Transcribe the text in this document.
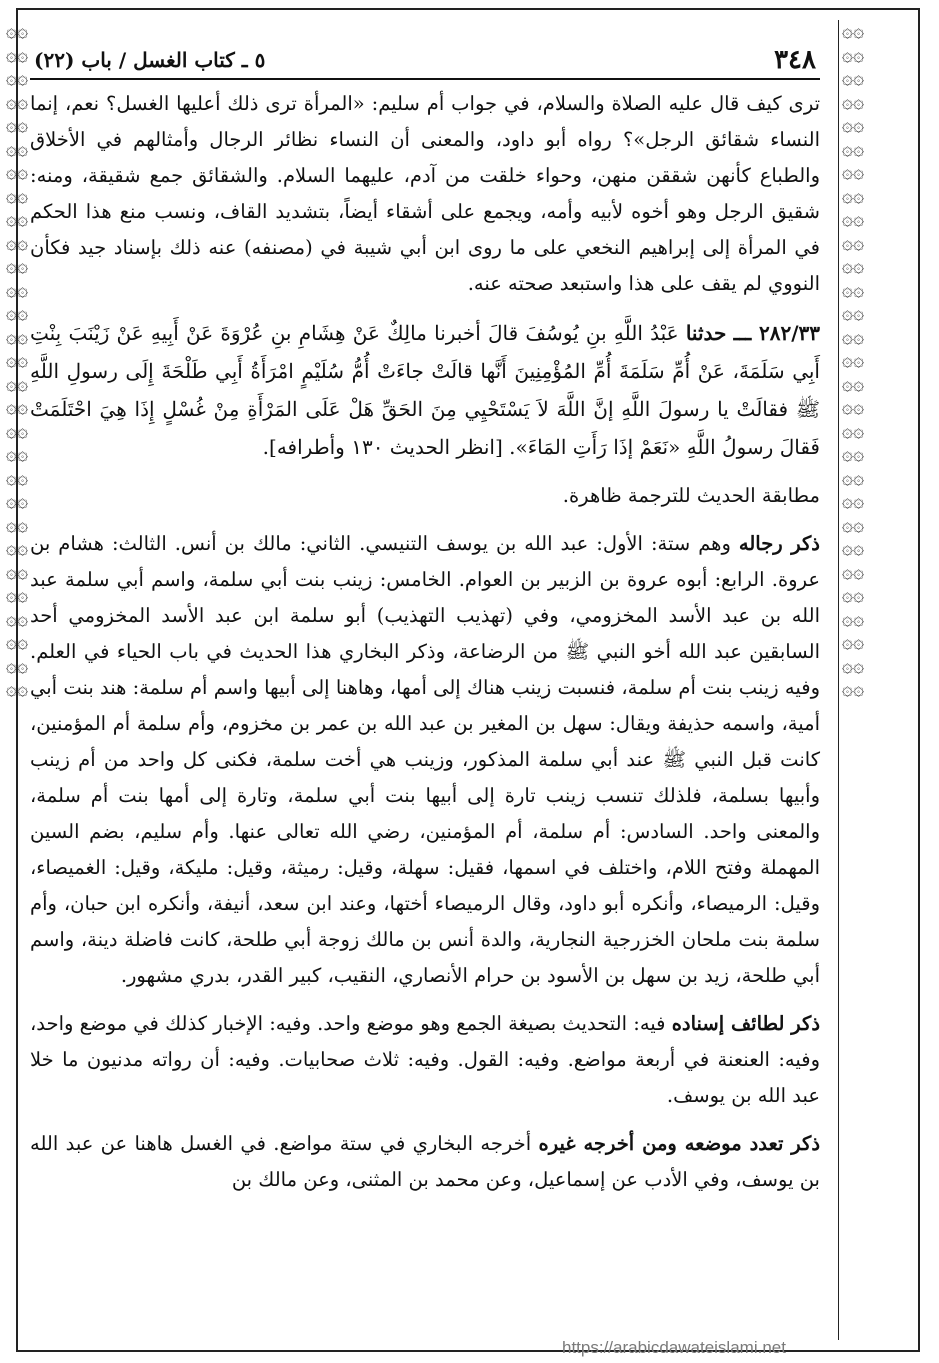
۞۞۞۞۞۞۞۞۞۞۞۞۞۞۞۞۞۞۞۞۞۞۞۞۞۞۞۞۞۞۞۞۞۞۞۞۞۞۞۞۞۞۞۞۞۞۞۞۞۞۞۞۞۞۞۞۞۞
۞۞۞۞۞۞۞۞۞۞۞۞۞۞۞۞۞۞۞۞۞۞۞۞۞۞۞۞۞۞۞۞۞۞۞۞۞۞۞۞۞۞۞۞۞۞۞۞۞۞۞۞۞۞۞۞۞۞
٣٤٨
٥ ـ كتاب الغسل / باب (٢٢)

ترى كيف قال عليه الصلاة والسلام، في جواب أم سليم: «المرأة ترى ذلك أعليها الغسل؟ نعم، إنما النساء شقائق الرجل»؟ رواه أبو داود، والمعنى أن النساء نظائر الرجال وأمثالهم في الأخلاق والطباع كأنهن شققن منهن، وحواء خلقت من آدم، عليهما السلام. والشقائق جمع شقيقة، ومنه: شقيق الرجل وهو أخوه لأبيه وأمه، ويجمع على أشقاء أيضاً، بتشديد القاف، ونسب منع هذا الحكم في المرأة إلى إبراهيم النخعي على ما روى ابن أبي شيبة في (مصنفه) عنه ذلك بإسناد جيد فكأن النووي لم يقف على هذا واستبعد صحته عنه.

٢٨٢/٣٣ ـــ حدثنا عَبْدُ اللَّهِ بنِ يُوسُفَ قالَ أخبرنا مالِكٌ عَنْ هِشَامِ بنِ عُرْوَةَ عَنْ أَبِيهِ عَنْ زَيْنَبَ بِنْتِ أَبِي سَلَمَةَ، عَنْ أُمِّ سَلَمَةَ أُمِّ المُؤْمِنِينَ أَنَّها قالَتْ جاءَتْ أُمُّ سُلَيْمٍ امْرَأَةُ أَبِي طَلْحَةَ إِلَى رسولِ اللَّهِ ﷺ فقالَتْ يا رسولَ اللَّهِ إنَّ اللَّهَ لاَ يَسْتَحْيِي مِنَ الحَقِّ هَلْ عَلَى المَرْأَةِ مِنْ غُسْلٍ إِذَا هِيَ احْتَلَمَتْ فَقالَ رسولُ اللَّهِ «نَعَمْ إذَا رَأَتِ المَاءَ». [انظر الحديث ١٣٠ وأطرافه].

مطابقة الحديث للترجمة ظاهرة.

ذكر رجاله وهم ستة: الأول: عبد الله بن يوسف التنيسي. الثاني: مالك بن أنس. الثالث: هشام بن عروة. الرابع: أبوه عروة بن الزبير بن العوام. الخامس: زينب بنت أبي سلمة، واسم أبي سلمة عبد الله بن عبد الأسد المخزومي، وفي (تهذيب التهذيب) أبو سلمة ابن عبد الأسد المخزومي أحد السابقين عبد الله أخو النبي ﷺ من الرضاعة، وذكر البخاري هذا الحديث في باب الحياء في العلم. وفيه زينب بنت أم سلمة، فنسبت زينب هناك إلى أمها، وهاهنا إلى أبيها واسم أم سلمة: هند بنت أبي أمية، واسمه حذيفة ويقال: سهل بن المغير بن عبد الله بن عمر بن مخزوم، وأم سلمة أم المؤمنين، كانت قبل النبي ﷺ عند أبي سلمة المذكور، وزينب هي أخت سلمة، فكنى كل واحد من أم زينب وأبيها بسلمة، فلذلك تنسب زينب تارة إلى أبيها بنت أبي سلمة، وتارة إلى أمها بنت أم سلمة، والمعنى واحد. السادس: أم سلمة، أم المؤمنين، رضي الله تعالى عنها. وأم سليم، بضم السين المهملة وفتح اللام، واختلف في اسمها، فقيل: سهلة، وقيل: رميثة، وقيل: مليكة، وقيل: الغميصاء، وقيل: الرميصاء، وأنكره أبو داود، وقال الرميصاء أختها، وعند ابن سعد، أنيفة، وأنكره ابن حبان، وأم سلمة بنت ملحان الخزرجية النجارية، والدة أنس بن مالك زوجة أبي طلحة، كانت فاضلة دينة، واسم أبي طلحة، زيد بن سهل بن الأسود بن حرام الأنصاري، النقيب، كبير القدر، بدري مشهور.

ذكر لطائف إسناده فيه: التحديث بصيغة الجمع وهو موضع واحد. وفيه: الإخبار كذلك في موضع واحد، وفيه: العنعنة في أربعة مواضع. وفيه: القول. وفيه: ثلاث صحابيات. وفيه: أن رواته مدنيون ما خلا عبد الله بن يوسف.

ذكر تعدد موضعه ومن أخرجه غيره أخرجه البخاري في ستة مواضع. في الغسل هاهنا عن عبد الله بن يوسف، وفي الأدب عن إسماعيل، وعن محمد بن المثنى، وعن مالك بن

https://arabicdawateislami.net
